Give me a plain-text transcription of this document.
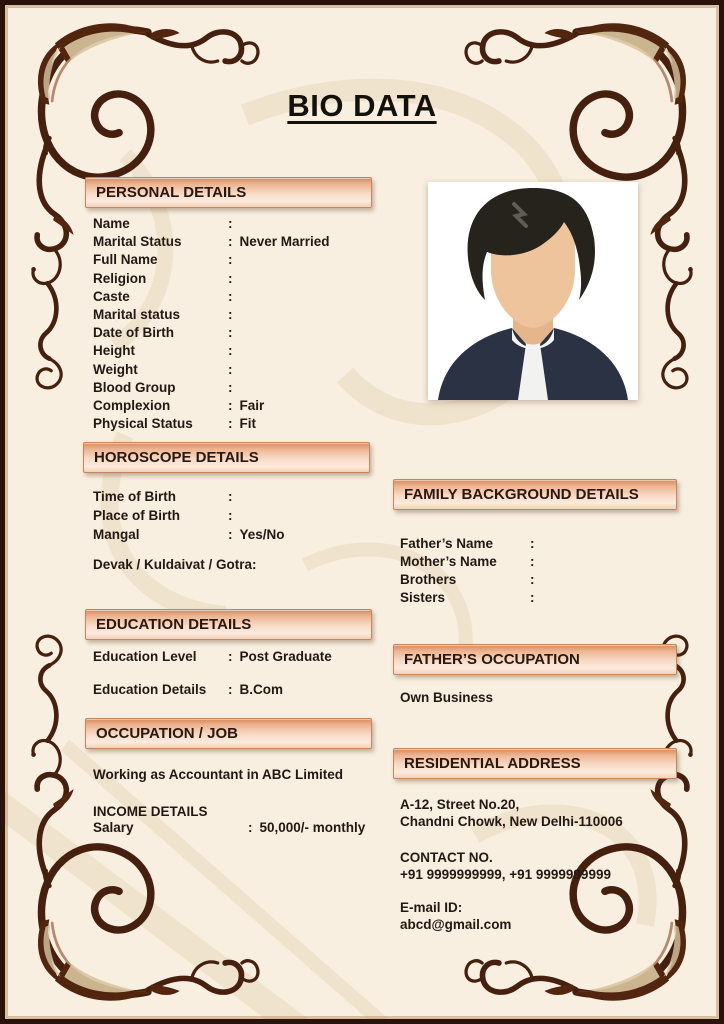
BIO DATA
PERSONAL DETAILS
Name	:
Marital Status	: Never Married
Full Name	:
Religion	:
Caste	:
Marital status	:
Date of Birth	:
Height	:
Weight	:
Blood Group	:
Complexion	: Fair
Physical Status	: Fit
HOROSCOPE DETAILS
Time of Birth	:
Place of Birth	:
Mangal	: Yes/No
Devak / Kuldaivat / Gotra:
FAMILY BACKGROUND DETAILS
Father’s Name	:
Mother’s Name	:
Brothers	:
Sisters	:
EDUCATION DETAILS
Education Level	: Post Graduate
Education Details	: B.Com
FATHER’S OCCUPATION
Own Business
OCCUPATION / JOB
Working as Accountant in ABC Limited
INCOME DETAILS
Salary	: 50,000/- monthly
RESIDENTIAL ADDRESS
A-12, Street No.20,
Chandni Chowk, New Delhi-110006
CONTACT NO.
+91 9999999999, +91 9999999999
E-mail ID:
abcd@gmail.com
